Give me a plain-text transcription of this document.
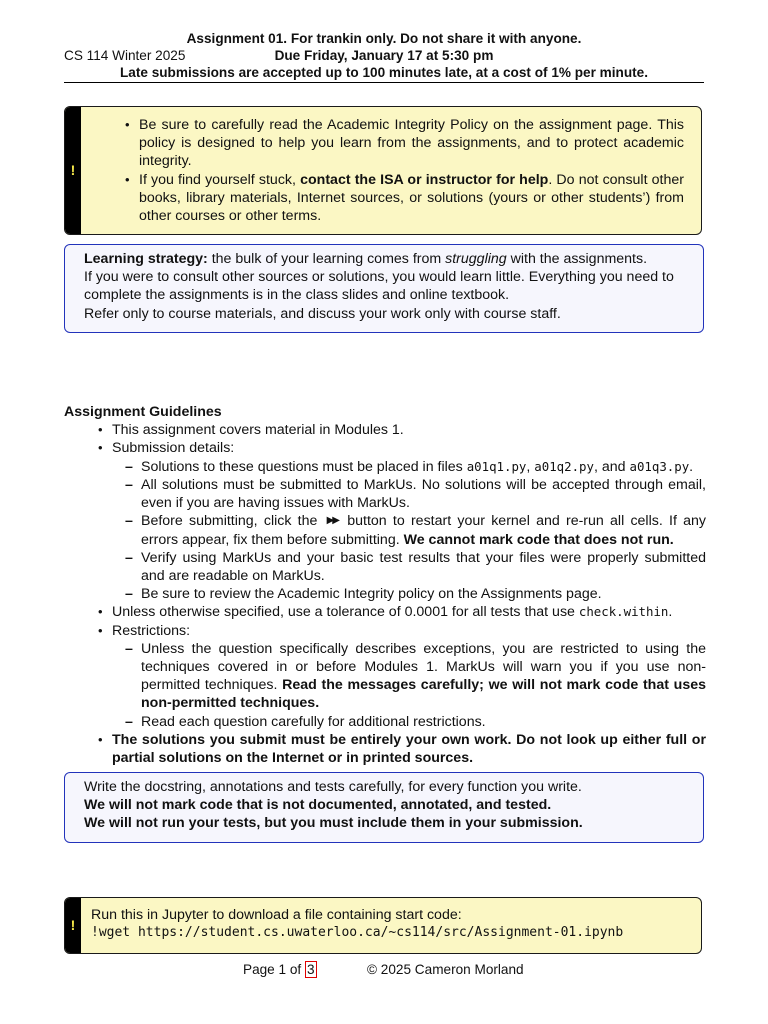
Assignment 01. For trankin only. Do not share it with anyone.
CS 114 Winter 2025	Due Friday, January 17 at 5:30 pm
Late submissions are accepted up to 100 minutes late, at a cost of 1% per minute.
!
• Be sure to carefully read the Academic Integrity Policy on the assignment page. This policy is designed to help you learn from the assignments, and to protect academic integrity.
• If you find yourself stuck, contact the ISA or instructor for help. Do not consult other books, library materials, Internet sources, or solutions (yours or other students’) from other courses or other terms.
Learning strategy: the bulk of your learning comes from struggling with the assignments.
If you were to consult other sources or solutions, you would learn little. Everything you need to complete the assignments is in the class slides and online textbook.
Refer only to course materials, and discuss your work only with course staff.
Assignment Guidelines
• This assignment covers material in Modules 1.
• Submission details:
– Solutions to these questions must be placed in files a01q1.py, a01q2.py, and a01q3.py.
– All solutions must be submitted to MarkUs. No solutions will be accepted through email, even if you are having issues with MarkUs.
– Before submitting, click the ▶▶ button to restart your kernel and re-run all cells. If any errors appear, fix them before submitting. We cannot mark code that does not run.
– Verify using MarkUs and your basic test results that your files were properly submitted and are readable on MarkUs.
– Be sure to review the Academic Integrity policy on the Assignments page.
• Unless otherwise specified, use a tolerance of 0.0001 for all tests that use check.within.
• Restrictions:
– Unless the question specifically describes exceptions, you are restricted to using the techniques covered in or before Modules 1. MarkUs will warn you if you use non-permitted techniques. Read the messages carefully; we will not mark code that uses non-permitted techniques.
– Read each question carefully for additional restrictions.
• The solutions you submit must be entirely your own work. Do not look up either full or partial solutions on the Internet or in printed sources.
Write the docstring, annotations and tests carefully, for every function you write.
We will not mark code that is not documented, annotated, and tested.
We will not run your tests, but you must include them in your submission.
!
Run this in Jupyter to download a file containing start code:
!wget https://student.cs.uwaterloo.ca/~cs114/src/Assignment-01.ipynb
Page 1 of 3	© 2025 Cameron Morland
